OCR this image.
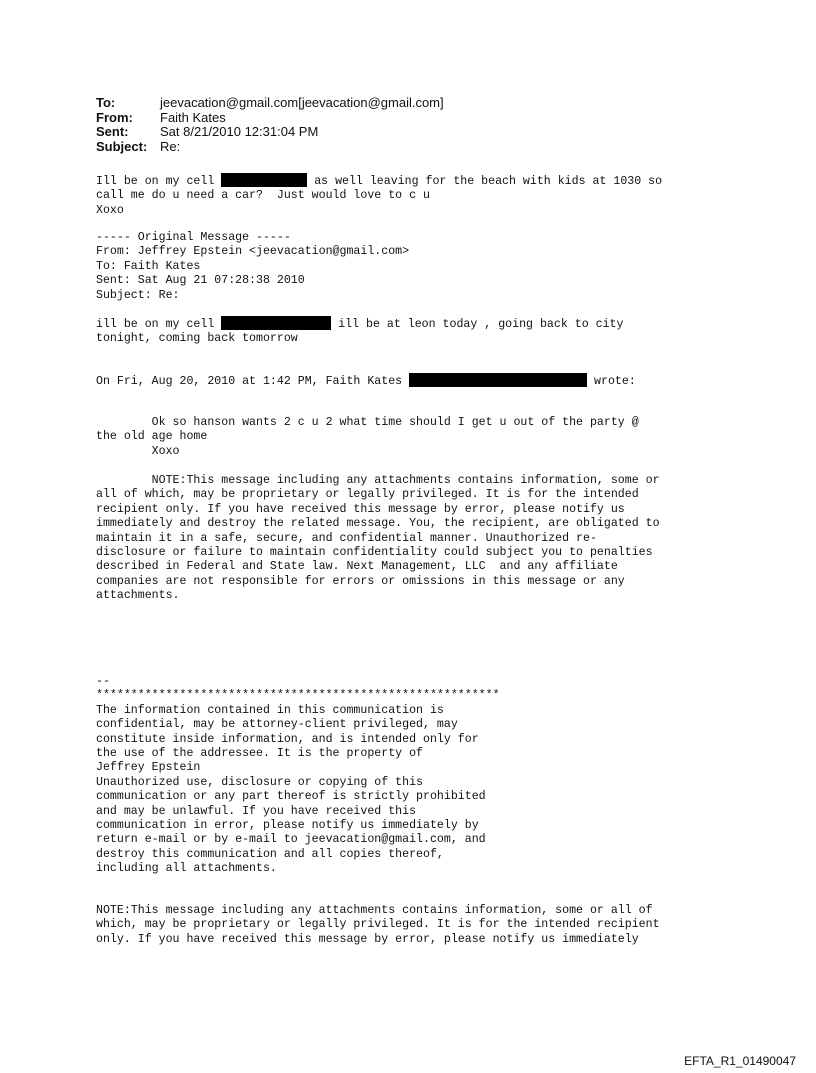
To:	jeevacation@gmail.com[jeevacation@gmail.com]
From:	Faith Kates
Sent:	Sat 8/21/2010 12:31:04 PM
Subject: Re:
Ill be on my cell	as well leaving for the beach with kids at 1030 so
call me do u need a car?  Just would love to c u
Xoxo
----- Original Message -----
From: Jeffrey Epstein <jeevacation@gmail.com>
To: Faith Kates
Sent: Sat Aug 21 07:28:38 2010
Subject: Re:
ill be on my cell	ill be at leon today , going back to city
tonight, coming back tomorrow
On Fri, Aug 20, 2010 at 1:42 PM, Faith Kates	wrote:
Ok so hanson wants 2 c u 2 what time should I get u out of the party @
the old age home
Xoxo
NOTE:This message including any attachments contains information, some or
all of which, may be proprietary or legally privileged. It is for the intended
recipient only. If you have received this message by error, please notify us
immediately and destroy the related message. You, the recipient, are obligated to
maintain it in a safe, secure, and confidential manner. Unauthorized re-
disclosure or failure to maintain confidentiality could subject you to penalties
described in Federal and State law. Next Management, LLC  and any affiliate
companies are not responsible for errors or omissions in this message or any
attachments.
--
**********************************************************
The information contained in this communication is
confidential, may be attorney-client privileged, may
constitute inside information, and is intended only for
the use of the addressee. It is the property of
Jeffrey Epstein
Unauthorized use, disclosure or copying of this
communication or any part thereof is strictly prohibited
and may be unlawful. If you have received this
communication in error, please notify us immediately by
return e-mail or by e-mail to jeevacation@gmail.com, and
destroy this communication and all copies thereof,
including all attachments.
NOTE:This message including any attachments contains information, some or all of
which, may be proprietary or legally privileged. It is for the intended recipient
only. If you have received this message by error, please notify us immediately
EFTA_R1_01490047
